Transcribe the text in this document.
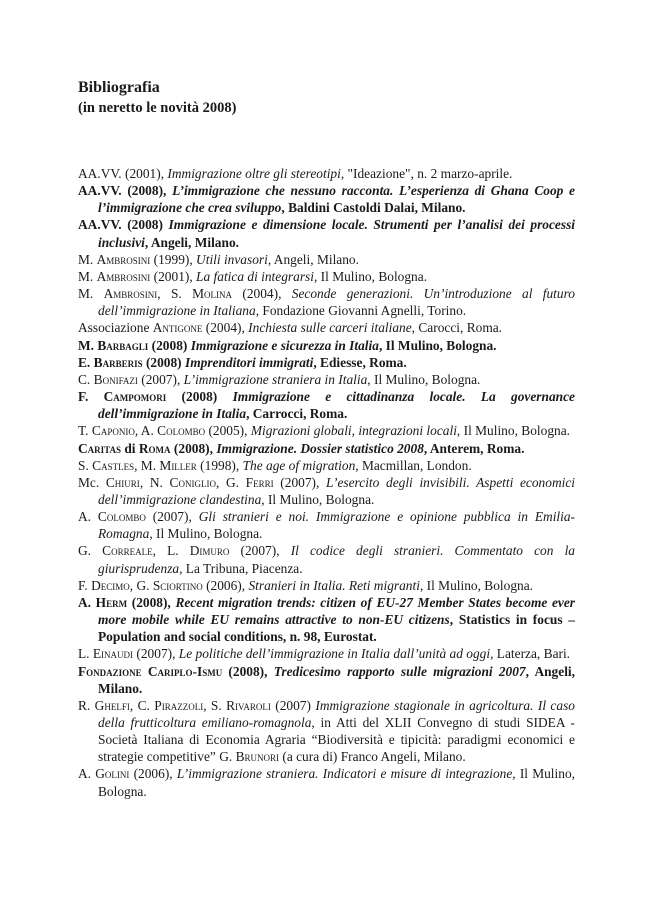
Bibliografia
(in neretto le novità 2008)

AA.VV. (2001), Immigrazione oltre gli stereotipi, "Ideazione", n. 2 marzo-aprile.

AA.VV. (2008), L’immigrazione che nessuno racconta. L’esperienza di Ghana Coop e l’immigrazione che crea sviluppo, Baldini Castoldi Dalai, Milano.

AA.VV. (2008) Immigrazione e dimensione locale. Strumenti per l’analisi dei processi inclusivi, Angeli, Milano.

M. Ambrosini (1999), Utili invasori, Angeli, Milano.

M. Ambrosini (2001), La fatica di integrarsi, Il Mulino, Bologna.

M. Ambrosini, S. Molina (2004), Seconde generazioni. Un’introduzione al futuro dell’immigrazione in Italiana, Fondazione Giovanni Agnelli, Torino.

Associazione Antigone (2004), Inchiesta sulle carceri italiane, Carocci, Roma.

M. Barbagli (2008) Immigrazione e sicurezza in Italia, Il Mulino, Bologna.

E. Barberis (2008) Imprenditori immigrati, Ediesse, Roma.

C. Bonifazi (2007), L’immigrazione straniera in Italia, Il Mulino, Bologna.

F. Campomori (2008) Immigrazione e cittadinanza locale. La governance dell’immigrazione in Italia, Carrocci, Roma.

T. Caponio, A. Colombo (2005), Migrazioni globali, integrazioni locali, Il Mulino, Bologna.

Caritas di Roma (2008), Immigrazione. Dossier statistico 2008, Anterem, Roma.

S. Castles, M. Miller (1998), The age of migration, Macmillan, London.

Mc. Chiuri, N. Coniglio, G. Ferri (2007), L’esercito degli invisibili. Aspetti economici dell’immigrazione clandestina, Il Mulino, Bologna.

A. Colombo (2007), Gli stranieri e noi. Immigrazione e opinione pubblica in Emilia-Romagna, Il Mulino, Bologna.

G. Correale, L. Dimuro (2007), Il codice degli stranieri. Commentato con la giurisprudenza, La Tribuna, Piacenza.

F. Decimo, G. Sciortino (2006), Stranieri in Italia. Reti migranti, Il Mulino, Bologna.

A. Herm (2008), Recent migration trends: citizen of EU-27 Member States become ever more mobile while EU remains attractive to non-EU citizens, Statistics in focus – Population and social conditions, n. 98, Eurostat.

L. Einaudi (2007), Le politiche dell’immigrazione in Italia dall’unità ad oggi, Laterza, Bari.

Fondazione Cariplo-Ismu (2008), Tredicesimo rapporto sulle migrazioni 2007, Angeli, Milano.

R. Ghelfi, C. Pirazzoli, S. Rivaroli (2007) Immigrazione stagionale in agricoltura. Il caso della frutticoltura emiliano-romagnola, in Atti del XLII Convegno di studi SIDEA - Società Italiana di Economia Agraria “Biodiversità e tipicità: paradigmi economici e strategie competitive” G. Brunori (a cura di) Franco Angeli, Milano.

A. Golini (2006), L’immigrazione straniera. Indicatori e misure di integrazione, Il Mulino, Bologna.
